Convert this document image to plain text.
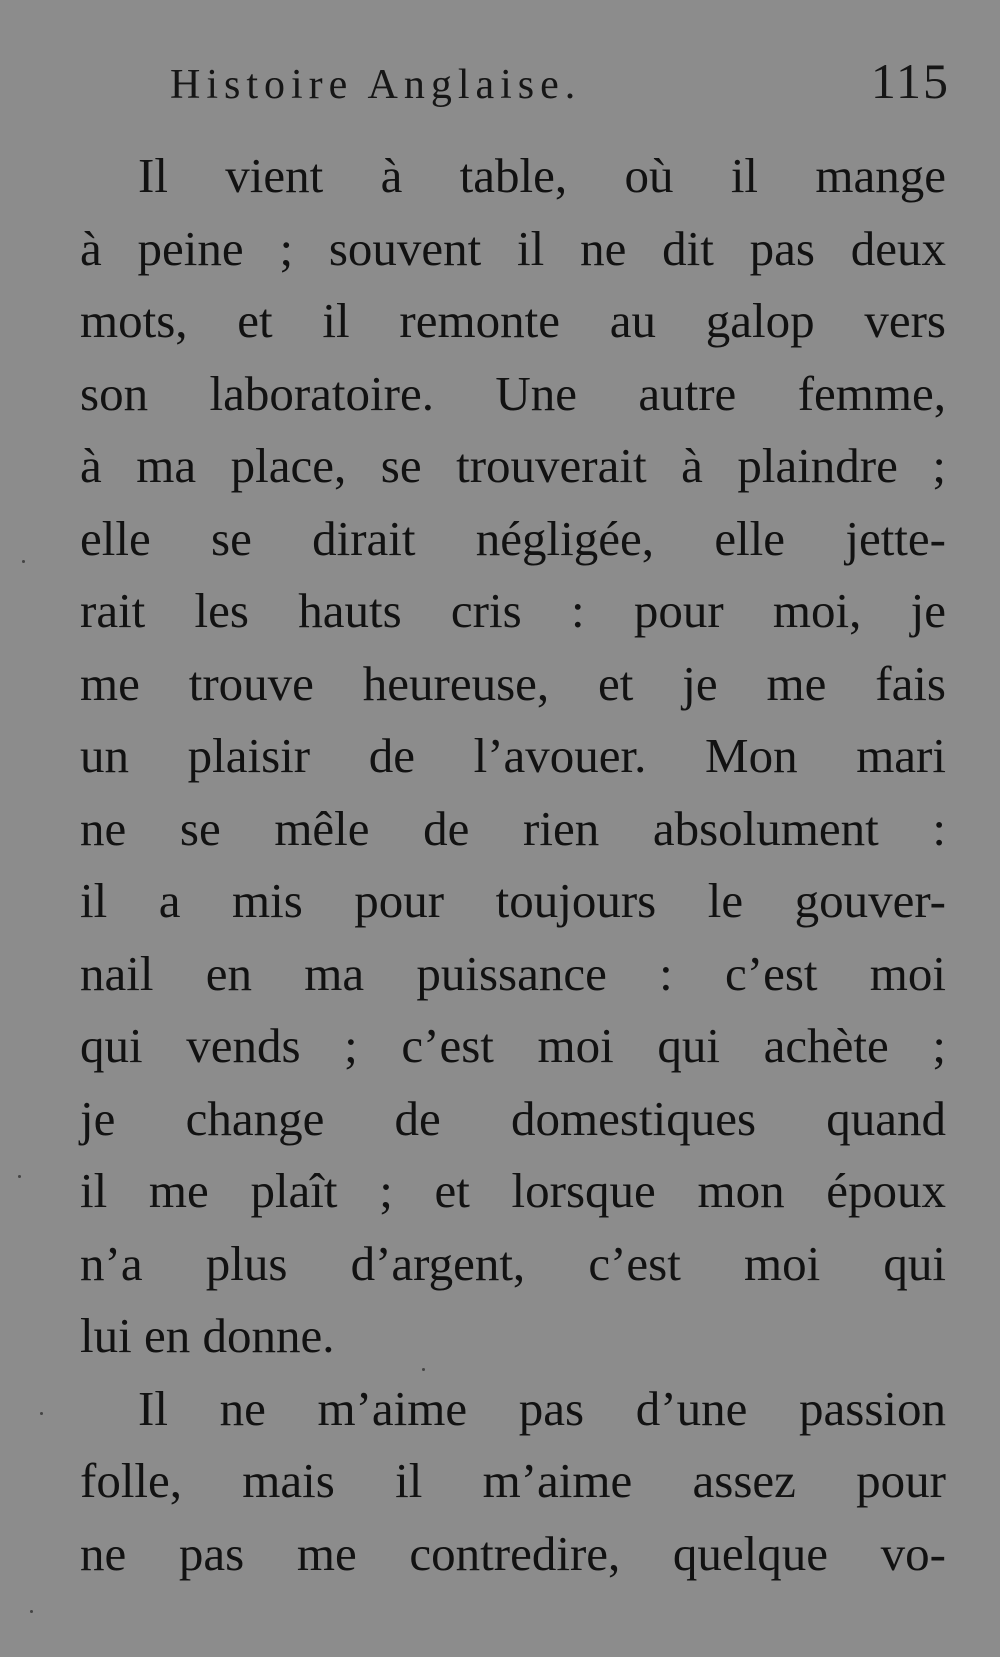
Histoire Anglaise.	115
Il vient à table, où il mange
à peine ; souvent il ne dit pas deux
mots, et il remonte au galop vers
son laboratoire. Une autre femme,
à ma place, se trouverait à plaindre ;
elle se dirait négligée, elle jette-
rait les hauts cris : pour moi, je
me trouve heureuse, et je me fais
un plaisir de l’avouer. Mon mari
ne se mêle de rien absolument :
il a mis pour toujours le gouver-
nail en ma puissance : c’est moi
qui vends ; c’est moi qui achète ;
je change de domestiques quand
il me plaît ; et lorsque mon époux
n’a plus d’argent, c’est moi qui
lui en donne.
Il ne m’aime pas d’une passion
folle, mais il m’aime assez pour
ne pas me contredire, quelque vo-
